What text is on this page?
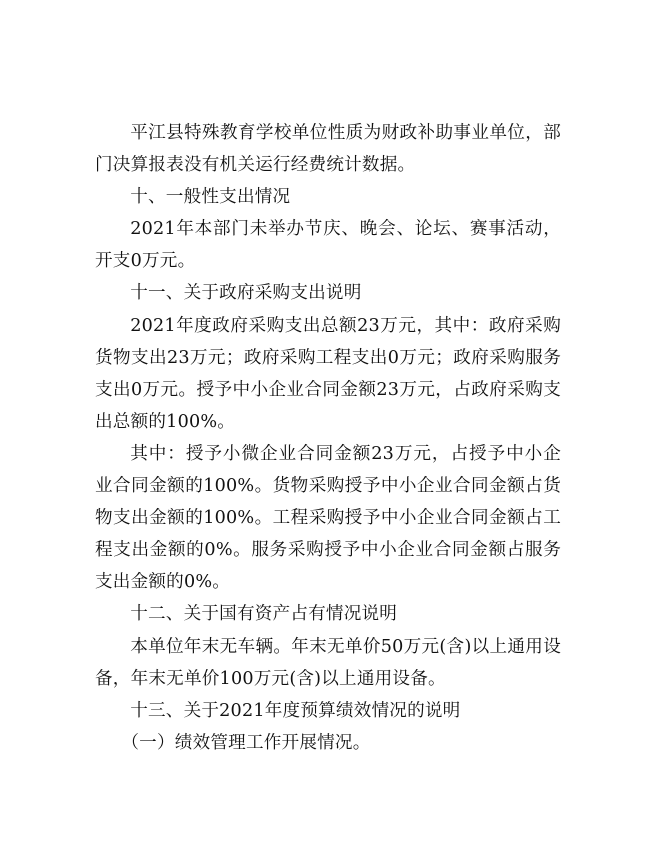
平江县特殊教育学校单位性质为财政补助事业单位，部门决算报表没有机关运行经费统计数据。

十、一般性支出情况

2021年本部门未举办节庆、晚会、论坛、赛事活动，开支0万元。

十一、关于政府采购支出说明

2021年度政府采购支出总额23万元，其中：政府采购货物支出23万元；政府采购工程支出0万元；政府采购服务支出0万元。授予中小企业合同金额23万元，占政府采购支出总额的100%。

其中：授予小微企业合同金额23万元，占授予中小企业合同金额的100%。货物采购授予中小企业合同金额占货物支出金额的100%。工程采购授予中小企业合同金额占工程支出金额的0%。服务采购授予中小企业合同金额占服务支出金额的0%。

十二、关于国有资产占有情况说明

本单位年末无车辆。年末无单价50万元(含)以上通用设备，年末无单价100万元(含)以上通用设备。

十三、关于2021年度预算绩效情况的说明

（一）绩效管理工作开展情况。
